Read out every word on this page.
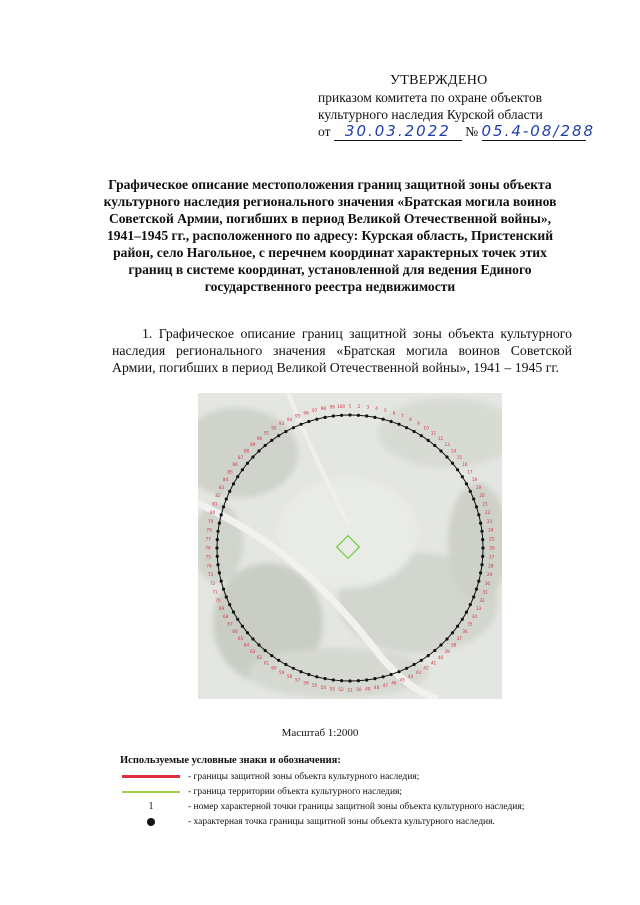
УТВЕРЖДЕНО
приказом комитета по охране объектов
культурного наследия Курской области
от 30.03.2022 № 05.4-08/288
Графическое описание местоположения границ защитной зоны объекта культурного наследия регионального значения «Братская могила воинов Советской Армии, погибших в период Великой Отечественной войны», 1941–1945 гг., расположенного по адресу: Курская область, Пристенский район, село Нагольное, с перечнем координат характерных точек этих границ в системе координат, установленной для ведения Единого государственного реестра недвижимости
1. Графическое описание границ защитной зоны объекта культурного наследия регионального значения «Братская могила воинов Советской Армии, погибших в период Великой Отечественной войны», 1941 – 1945 гг.
1 2 3 4 5 6
7
8
9
10
11
12
13
14
15
16
17
18
19
20
21
22
23
24
25
26
27
28
29
30
31
32
33
34
35
36
37
38
39
40
41
42
43
44
45
46
47
48
49
50
51
52
53
54
55
56
57
58
59
60
61
62
63
64
65
66
67
68
69
70
71
72
73
74
75
76
77
78
79
80
81
82
83
84
85
86
87
88
89
90
91
92
93
94
95
96 97 98 99 100
Масштаб 1:2000
Используемые условные знаки и обозначения:
- границы защитной зоны объекта культурного наследия;
- граница территории объекта культурного наследия;
1	- номер характерной точки границы защитной зоны объекта культурного наследия;
- характерная точка границы защитной зоны объекта культурного наследия.
